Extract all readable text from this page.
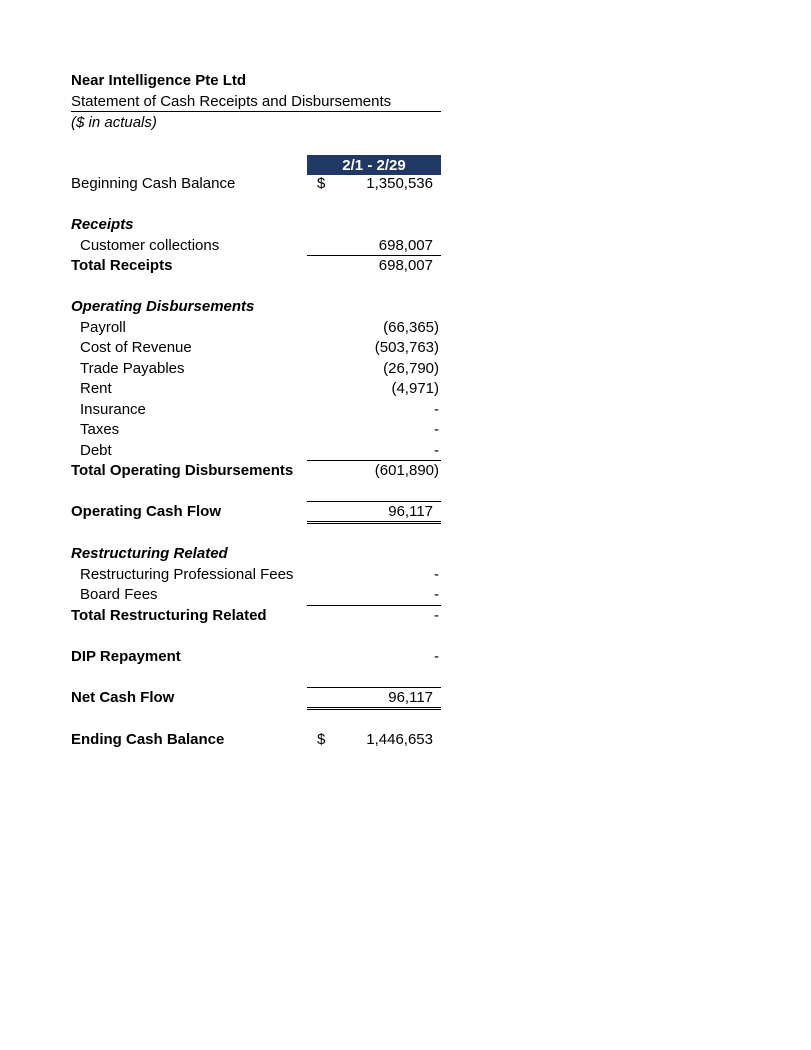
Near Intelligence Pte Ltd
Statement of Cash Receipts and Disbursements
($ in actuals)
2/1 - 2/29
Beginning Cash Balance	$	1,350,536
Receipts
Customer collections	698,007
Total Receipts	698,007
Operating Disbursements
Payroll	(66,365)
Cost of Revenue	(503,763)
Trade Payables	(26,790)
Rent	(4,971)
Insurance	-
Taxes	-
Debt	-
Total Operating Disbursements	(601,890)
Operating Cash Flow	96,117
Restructuring Related
Restructuring Professional Fees	-
Board Fees	-
Total Restructuring Related	-
DIP Repayment	-
Net Cash Flow	96,117
Ending Cash Balance	$	1,446,653
